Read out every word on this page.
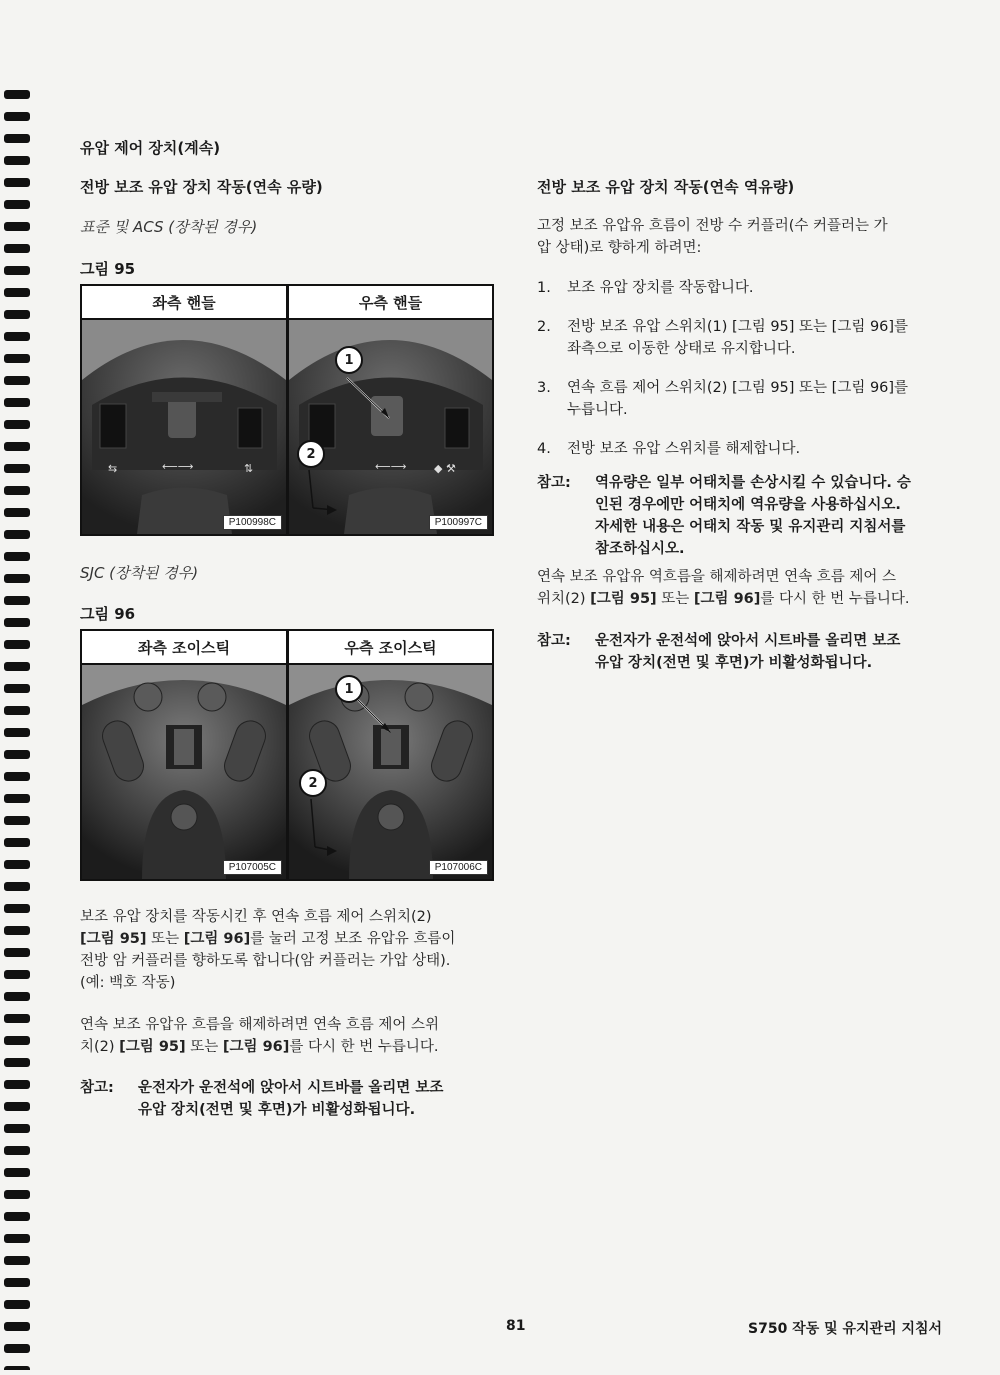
유압 제어 장치(계속)
전방 보조 유압 장치 작동(연속 유량)
표준 및 ACS (장착된 경우)
그림 95
좌측 핸들	우측 핸들
⇆	⟵⟶	⇅
P100998C
⟵⟶ ◆ ⚒
1
2
P100997C
SJC (장착된 경우)
그림 96
좌측 조이스틱	우측 조이스틱
P107005C
1
2
P107006C
보조 유압 장치를 작동시킨 후 연속 흐름 제어 스위치(2)
[그림 95] 또는 [그림 96]를 눌러 고정 보조 유압유 흐름이
전방 암 커플러를 향하도록 합니다(암 커플러는 가압 상태).
(예: 백호 작동)
연속 보조 유압유 흐름을 해제하려면 연속 흐름 제어 스위
치(2) [그림 95] 또는 [그림 96]를 다시 한 번 누릅니다.
참고:	운전자가 운전석에 앉아서 시트바를 올리면 보조
유압 장치(전면 및 후면)가 비활성화됩니다.
전방 보조 유압 장치 작동(연속 역유량)
고정 보조 유압유 흐름이 전방 수 커플러(수 커플러는 가
압 상태)로 향하게 하려면:
1.	보조 유압 장치를 작동합니다.
2.	전방 보조 유압 스위치(1) [그림 95] 또는 [그림 96]를
좌측으로 이동한 상태로 유지합니다.
3.	연속 흐름 제어 스위치(2) [그림 95] 또는 [그림 96]를
누릅니다.
4.	전방 보조 유압 스위치를 해제합니다.
참고:	역유량은 일부 어태치를 손상시킬 수 있습니다. 승
인된 경우에만 어태치에 역유량을 사용하십시오.
자세한 내용은 어태치 작동 및 유지관리 지침서를
참조하십시오.
연속 보조 유압유 역흐름을 해제하려면 연속 흐름 제어 스
위치(2) [그림 95] 또는 [그림 96]를 다시 한 번 누릅니다.
참고:	운전자가 운전석에 앉아서 시트바를 올리면 보조
유압 장치(전면 및 후면)가 비활성화됩니다.
81	S750 작동 및 유지관리 지침서
